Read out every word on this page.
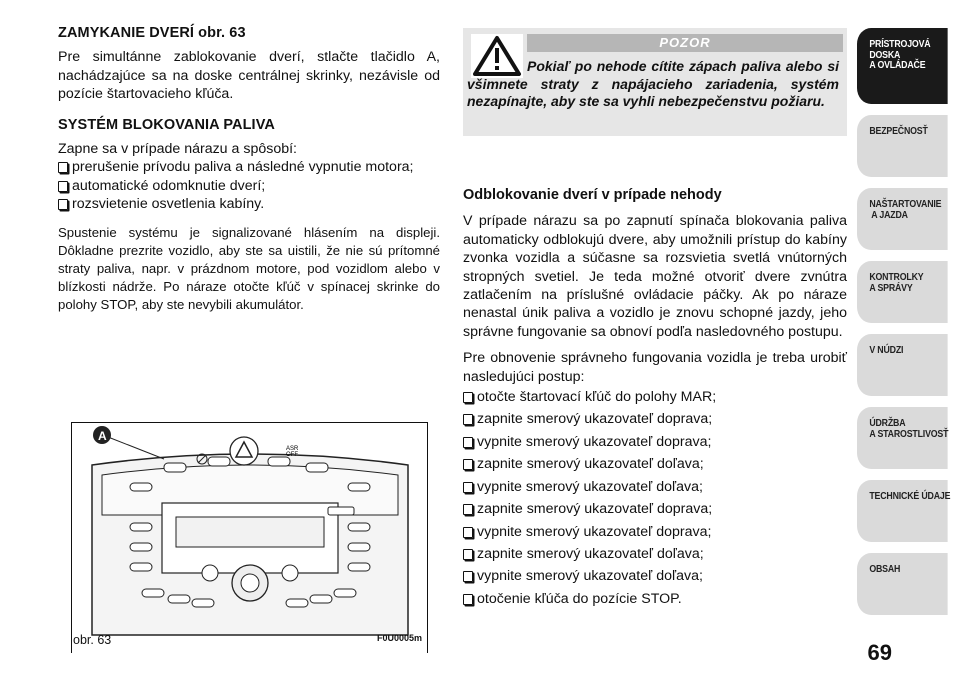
ZAMYKANIE DVERÍ obr. 63

Pre simultánne zablokovanie dverí, stlačte tlačidlo A, nachádzajúce sa na doske centrálnej skrinky, nezávisle od pozície štartovacieho kľúča.

SYSTÉM BLOKOVANIA PALIVA

Zapne sa v prípade nárazu a spôsobí:

prerušenie prívodu paliva a následné vypnutie motora;
automatické odomknutie dverí;
rozsvietenie osvetlenia kabíny.

Spustenie systému je signalizované hlásením na displeji. Dôkladne prezrite vozidlo, aby ste sa uistili, že nie sú prítomné straty paliva, napr. v prázdnom motore, pod vozidlom alebo v blízkosti nádrže. Po náraze otočte kľúč v spínacej skrinke do polohy STOP, aby ste nevybili akumulátor.

ASR
OFF
A
obr. 63	F0U0005m
POZOR
Pokiaľ po nehode cítite zápach paliva alebo si všimnete straty z napájacieho zariadenia, systém nezapínajte, aby ste sa vyhli nebezpečenstvu požiaru.
Odblokovanie dverí v prípade nehody

V prípade nárazu sa po zapnutí spínača blokovania paliva automaticky odblokujú dvere, aby umožnili prístup do kabíny zvonka vozidla a súčasne sa rozsvietia svetlá vnútorných stropných svetiel. Je teda možné otvoriť dvere zvnútra zatlačením na príslušné ovládacie páčky. Ak po náraze nenastal únik paliva a vozidlo je znovu schopné jazdy, jeho správne fungovanie sa obnoví podľa nasledovného postupu.

Pre obnovenie správneho fungovania vozidla je treba urobiť nasledujúci postup:

otočte štartovací kľúč do polohy MAR;
zapnite smerový ukazovateľ doprava;
vypnite smerový ukazovateľ doprava;
zapnite smerový ukazovateľ doľava;
vypnite smerový ukazovateľ doľava;
zapnite smerový ukazovateľ doprava;
vypnite smerový ukazovateľ doprava;
zapnite smerový ukazovateľ doľava;
vypnite smerový ukazovateľ doľava;
otočenie kľúča do pozície STOP.
PRÍSTROJOVÁ
DOSKA
A OVLÁDAČE
BEZPEČNOSŤ
NAŠTARTOVANIE
A JAZDA
KONTROLKY
A SPRÁVY
V NÚDZI
ÚDRŽBA
A STAROSTLIVOSŤ
TECHNICKÉ ÚDAJE
OBSAH
69
